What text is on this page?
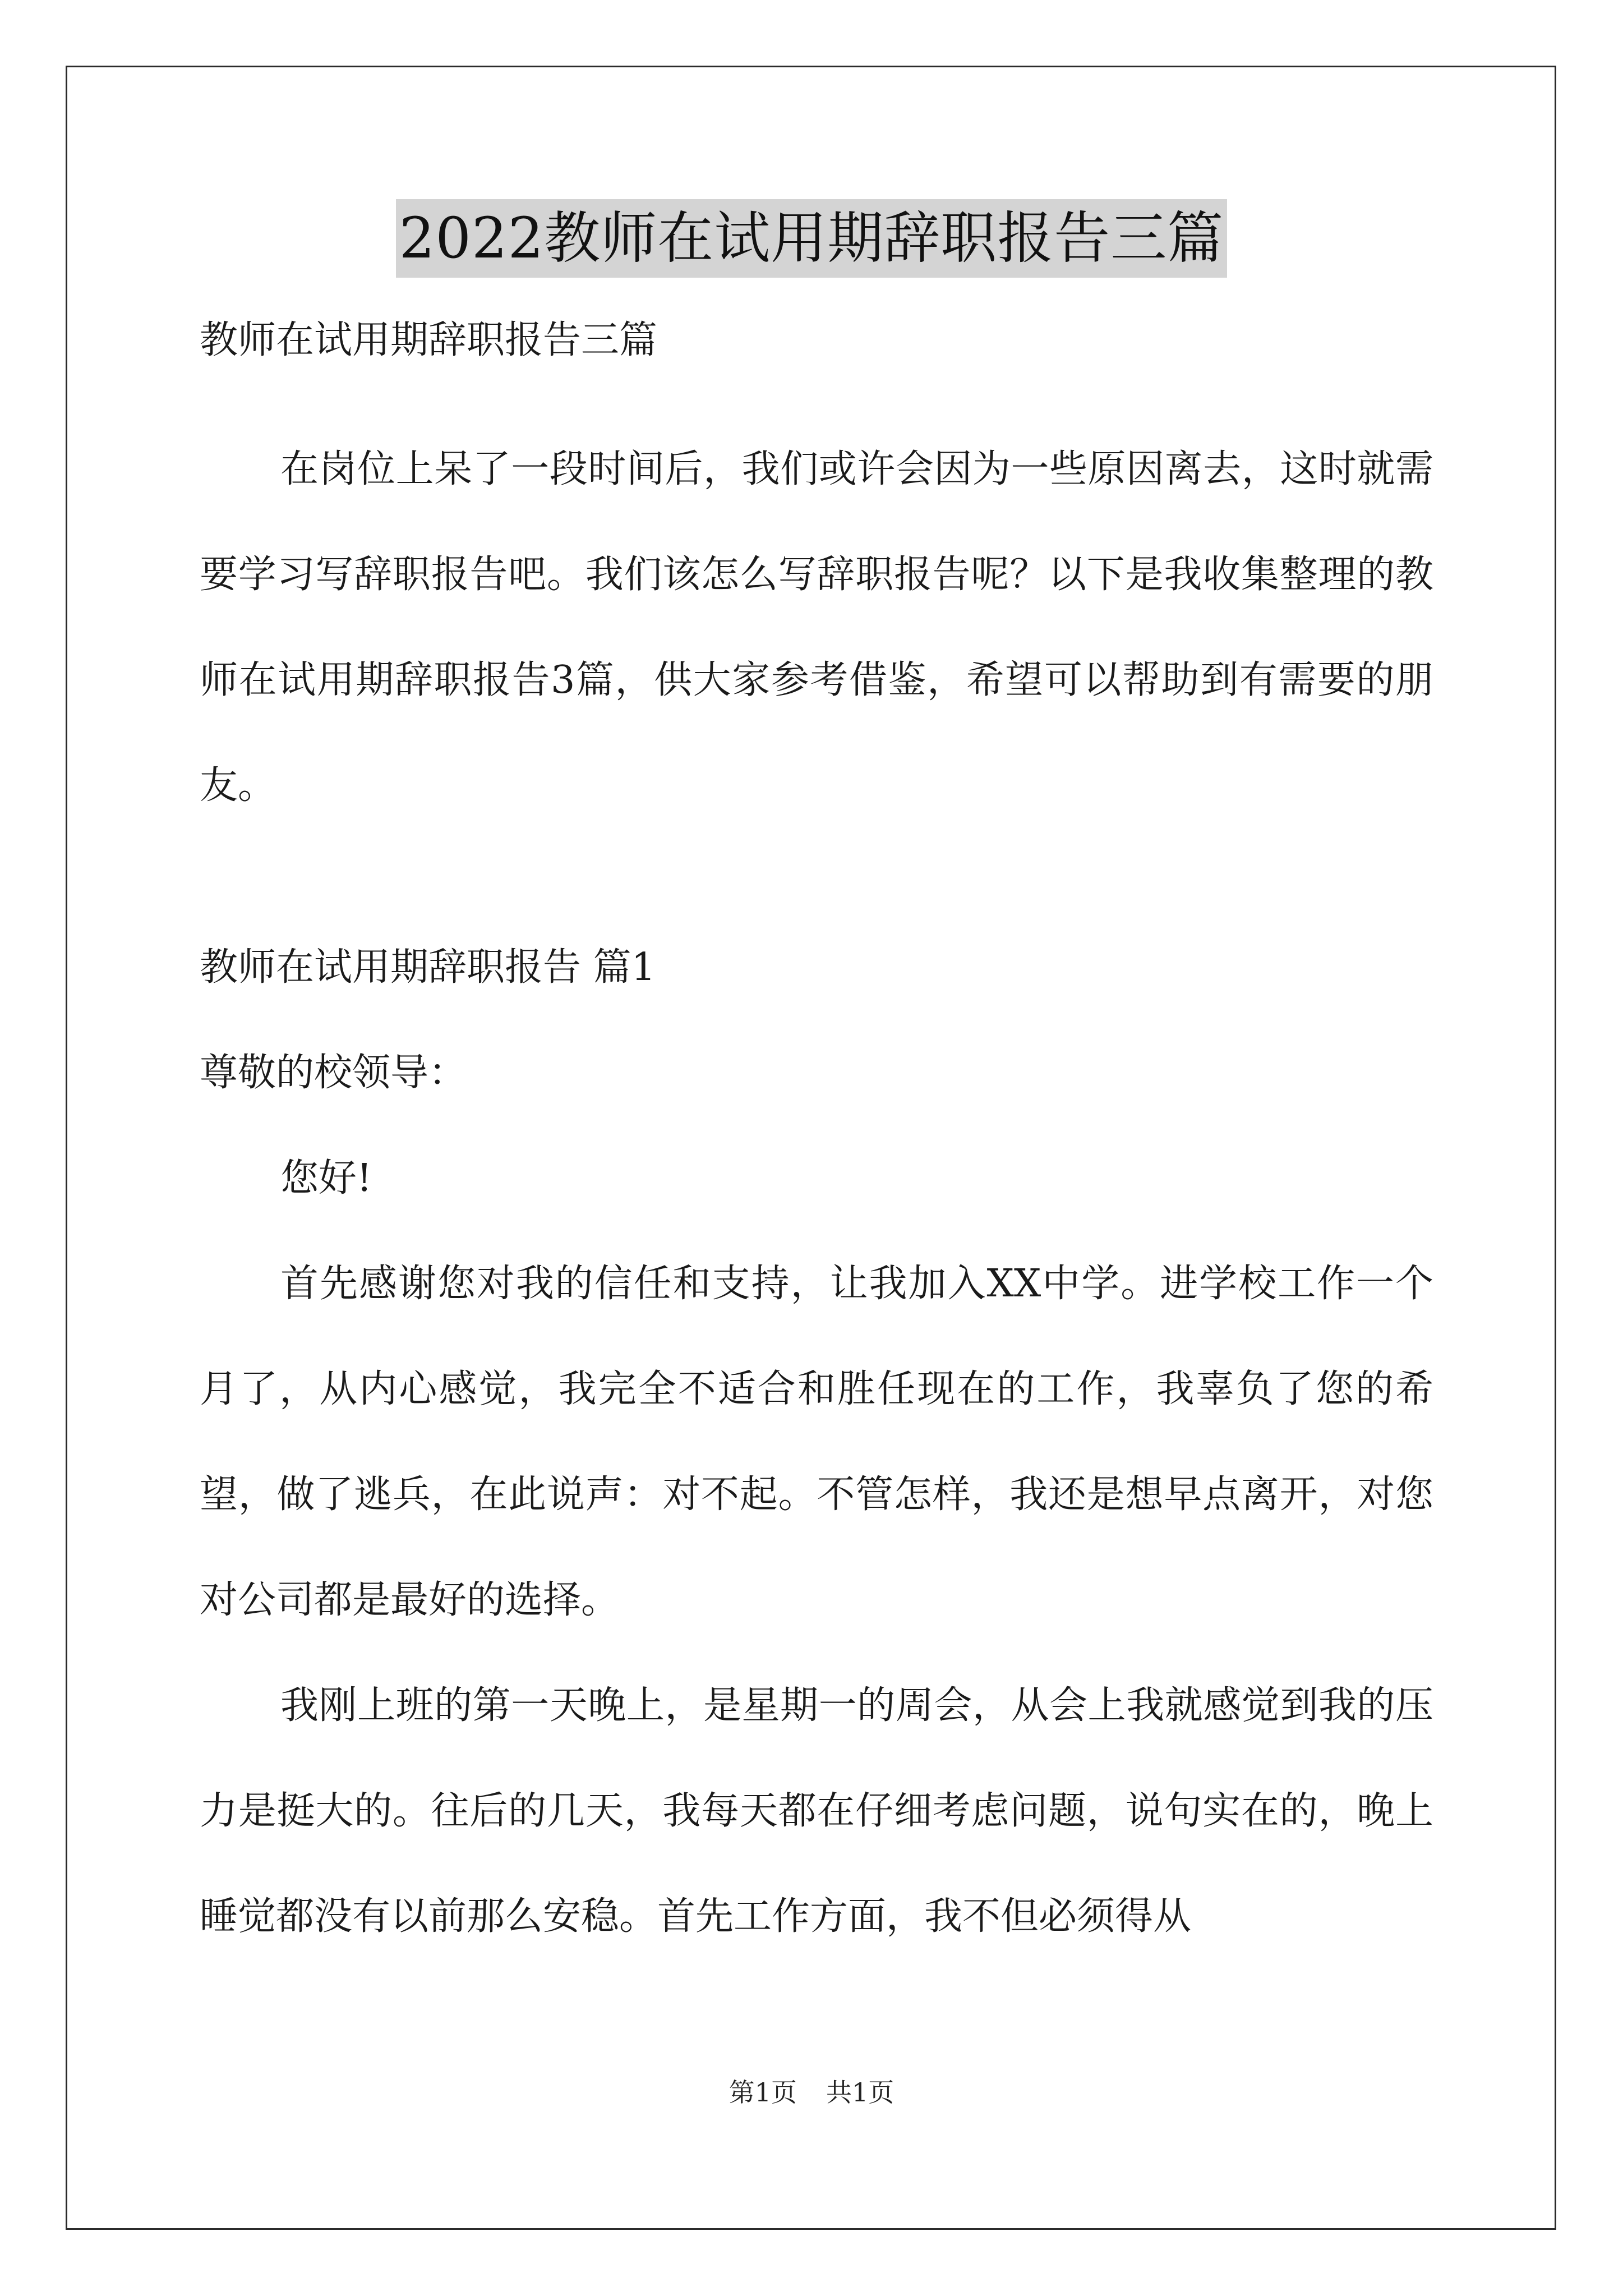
2022教师在试用期辞职报告三篇

教师在试用期辞职报告三篇

在岗位上呆了一段时间后，我们或许会因为一些原因离去，这时就需要学习写辞职报告吧。我们该怎么写辞职报告呢？以下是我收集整理的教师在试用期辞职报告3篇，供大家参考借鉴，希望可以帮助到有需要的朋友。

教师在试用期辞职报告 篇1

尊敬的校领导：

您好!

首先感谢您对我的信任和支持，让我加入XX中学。进学校工作一个月了，从内心感觉，我完全不适合和胜任现在的工作，我辜负了您的希望，做了逃兵，在此说声：对不起。不管怎样，我还是想早点离开，对您对公司都是最好的选择。

我刚上班的第一天晚上，是星期一的周会，从会上我就感觉到我的压力是挺大的。往后的几天，我每天都在仔细考虑问题，说句实在的，晚上睡觉都没有以前那么安稳。首先工作方面，我不但必须得从

第1页 共1页
